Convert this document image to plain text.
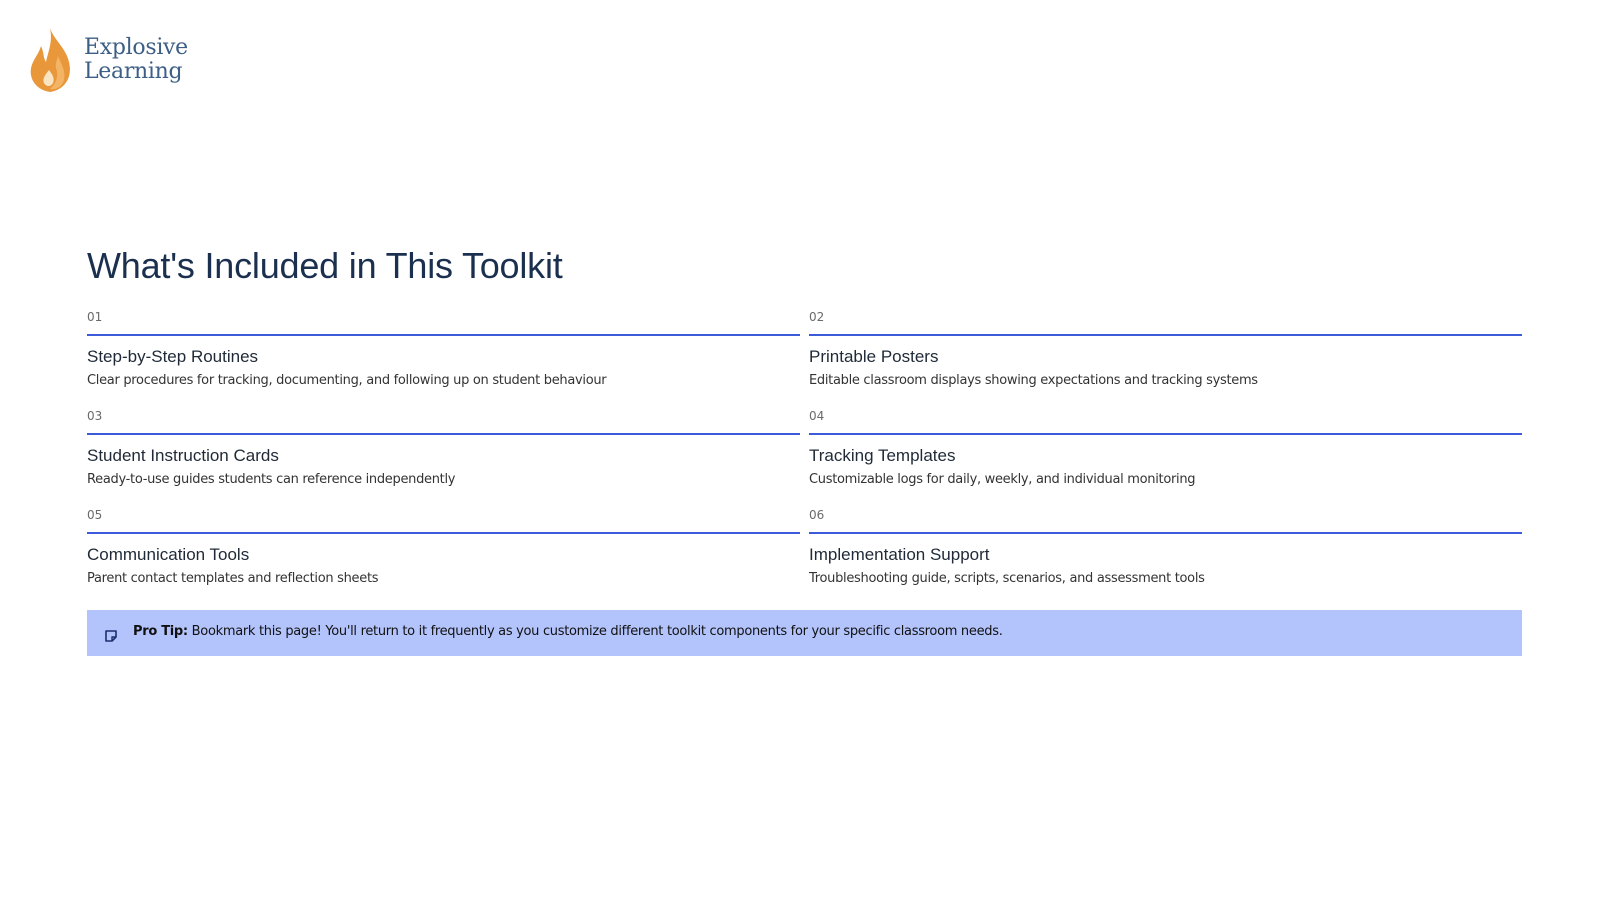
Explosive
Learning
What's Included in This Toolkit
01
Step-by-Step Routines
Clear procedures for tracking, documenting, and following up on student behaviour
02
Printable Posters
Editable classroom displays showing expectations and tracking systems
03
Student Instruction Cards
Ready-to-use guides students can reference independently
04
Tracking Templates
Customizable logs for daily, weekly, and individual monitoring
05
Communication Tools
Parent contact templates and reflection sheets
06
Implementation Support
Troubleshooting guide, scripts, scenarios, and assessment tools
Pro Tip: Bookmark this page! You'll return to it frequently as you customize different toolkit components for your specific classroom needs.
